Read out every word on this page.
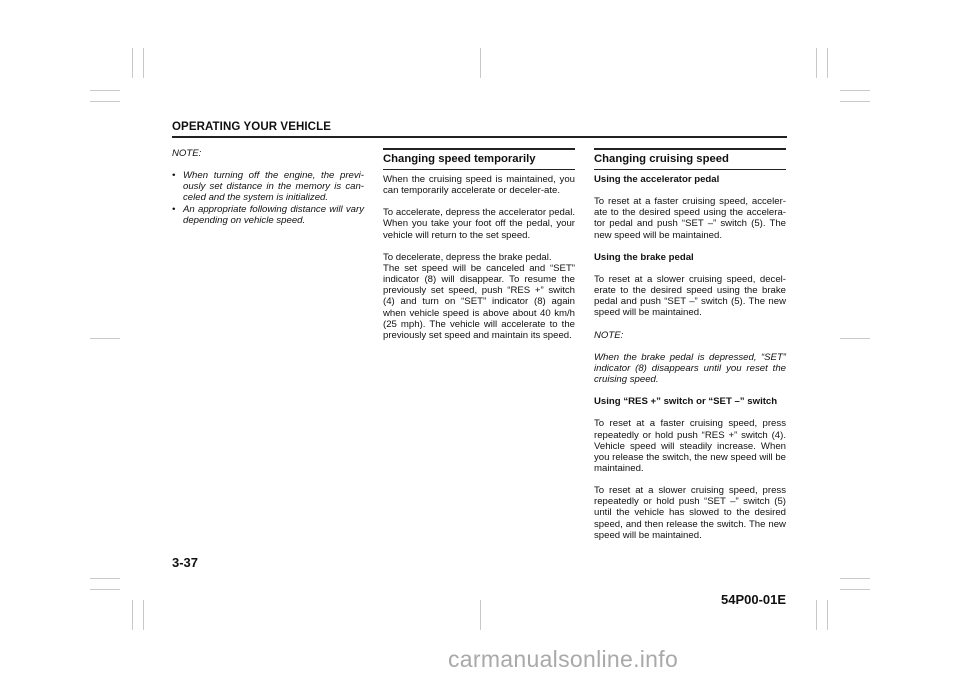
OPERATING YOUR VEHICLE

NOTE:

• When turning off the engine, the previ-ously set distance in the memory is can-celed and the system is initialized.
• An appropriate following distance will vary depending on vehicle speed.
Changing speed temporarily

When the cruising speed is maintained, you can temporarily accelerate or deceler-ate.

To accelerate, depress the accelerator pedal. When you take your foot off the pedal, your vehicle will return to the set speed.

To decelerate, depress the brake pedal.

The set speed will be canceled and “SET” indicator (8) will disappear. To resume the previously set speed, push “RES +” switch (4) and turn on “SET” indicator (8) again when vehicle speed is above about 40 km/h (25 mph). The vehicle will accelerate to the previously set speed and maintain its speed.

Changing cruising speed

Using the accelerator pedal

To reset at a faster cruising speed, acceler-ate to the desired speed using the accelera-tor pedal and push “SET –” switch (5). The new speed will be maintained.

Using the brake pedal

To reset at a slower cruising speed, decel-erate to the desired speed using the brake pedal and push “SET –” switch (5). The new speed will be maintained.

NOTE:

When the brake pedal is depressed, “SET” indicator (8) disappears until you reset the cruising speed.

Using “RES +” switch or “SET –” switch

To reset at a faster cruising speed, press repeatedly or hold push “RES +” switch (4). Vehicle speed will steadily increase. When you release the switch, the new speed will be maintained.

To reset at a slower cruising speed, press repeatedly or hold push “SET –” switch (5) until the vehicle has slowed to the desired speed, and then release the switch. The new speed will be maintained.

3-37
54P00-01E
carmanualsonline.info
